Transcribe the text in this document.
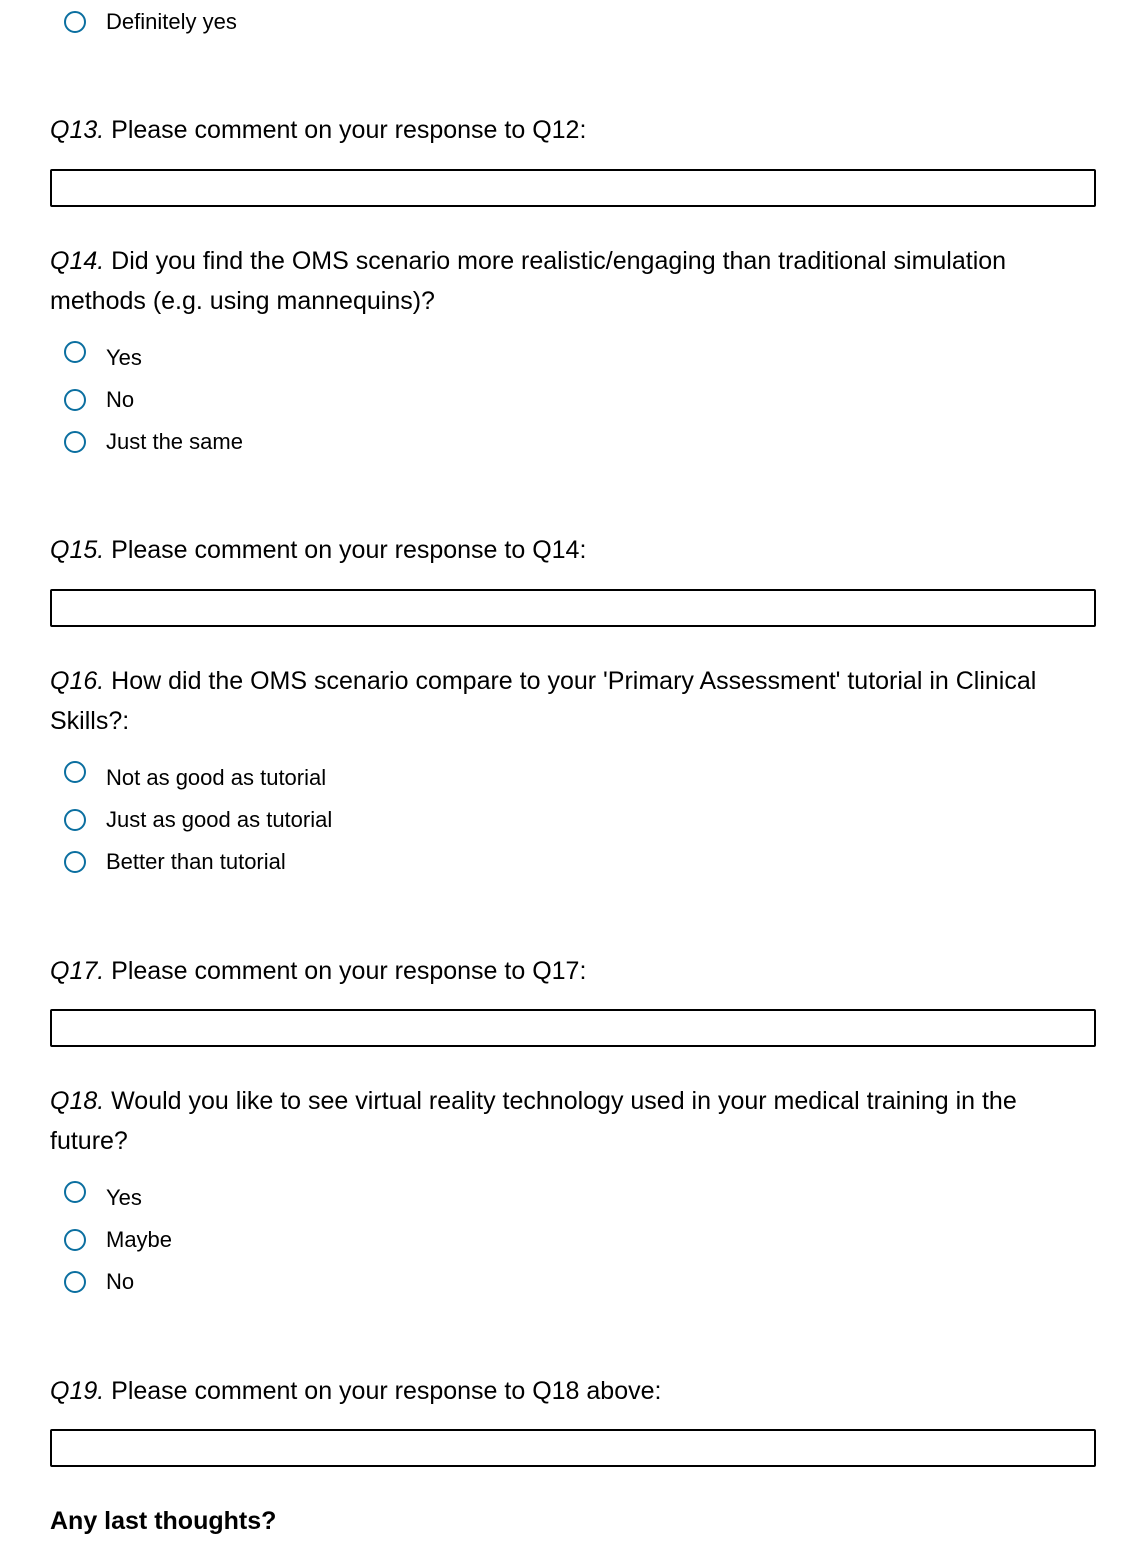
Definitely yes

Q13. Please comment on your response to Q12:

Q14. Did you find the OMS scenario more realistic/engaging than traditional simulation methods (e.g. using mannequins)?

Yes
No
Just the same

Q15. Please comment on your response to Q14:

Q16. How did the OMS scenario compare to your 'Primary Assessment' tutorial in Clinical Skills?:

Not as good as tutorial
Just as good as tutorial
Better than tutorial

Q17. Please comment on your response to Q17:

Q18. Would you like to see virtual reality technology used in your medical training in the future?

Yes
Maybe
No

Q19. Please comment on your response to Q18 above:

Any last thoughts?
